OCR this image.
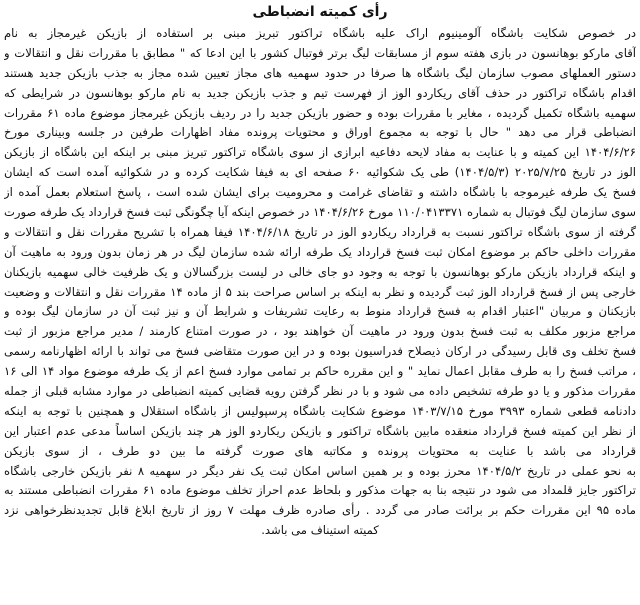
رأی کمیته انضباطی
در خصوص شکایت باشگاه آلومینیوم اراک علیه باشگاه تراکتور تبریز مبنی بر استفاده از بازیکن غیرمجاز به نام
آقای مارکو بوهانسون در بازی هفته سوم از مسابقات لیگ برتر فوتبال کشور با این ادعا که " مطابق با مقررات نقل و انتقالات و
دستور العملهای مصوب سازمان لیگ باشگاه ها صرفا در حدود سهمیه های مجاز تعیین شده مجاز به جذب بازیکن جدید هستند
اقدام باشگاه تراکتور در حذف آقای ریکاردو الوز از فهرست تیم و جذب بازیکن جدید به نام مارکو بوهانسون در شرایطی که
سهمیه باشگاه تکمیل گردیده ، مغایر با مقررات بوده و حضور بازیکن جدید را در ردیف بازیکن غیرمجاز موضوع ماده ۶۱ مقررات
انضباطی قرار می دهد " حال با توجه به مجموع اوراق و محتویات پرونده مفاد اظهارات طرفین در جلسه وبیناری مورخ
۱۴۰۴/۶/۲۶ این کمیته و با عنایت به مفاد لایحه دفاعیه ابرازی از سوی باشگاه تراکتور تبریز مبنی بر اینکه این باشگاه از بازیکن
الوز در تاریخ ۲۰۲۵/۷/۲۵ (۱۴۰۴/۵/۳) طی یک شکوائیه ۶۰ صفحه ای به فیفا شکایت کرده و در شکوائیه آمده است که ایشان
فسخ یک طرفه غیرموجه با باشگاه داشته و تقاضای غرامت و محرومیت برای ایشان شده است ، پاسخ استعلام بعمل آمده از
سوی سازمان لیگ فوتبال به شماره ۱۱۰/۰۴۱۳۳۷۱ مورخ ۱۴۰۴/۶/۲۶ در خصوص اینکه آیا چگونگی ثبت فسخ قرارداد یک طرفه صورت
گرفته از سوی باشگاه تراکتور نسبت به قرارداد ریکاردو الوز در تاریخ ۱۴۰۴/۶/۱۸ فیفا همراه با تشریح مقررات نقل و انتقالات و
مقررات داخلی حاکم بر موضوع امکان ثبت فسخ قرارداد یک طرفه ارائه شده سازمان لیگ در هر زمان بدون ورود به ماهیت آن
و اینکه قرارداد بازیکن مارکو بوهانسون با توجه به وجود دو جای خالی در لیست بزرگسالان و یک ظرفیت خالی سهمیه بازیکنان
خارجی پس از فسخ قرارداد الوز ثبت گردیده و نظر به اینکه بر اساس صراحت بند ۵ از ماده ۱۴ مقررات نقل و انتقالات و وضعیت
بازیکنان و مربیان "اعتبار اقدام به فسخ قرارداد منوط به رعایت تشریفات و شرایط آن و نیز ثبت آن در سازمان لیگ بوده و
مراجع مزبور مکلف به ثبت فسخ بدون ورود در ماهیت آن خواهند بود ، در صورت امتناع کارمند / مدیر مراجع مزبور از ثبت
فسخ تخلف وی قابل رسیدگی در ارکان ذیصلاح فدراسیون بوده و در این صورت متقاضی فسخ می تواند با ارائه اظهارنامه رسمی
، مراتب فسخ را به طرف مقابل اعمال نماید " و این مقرره حاکم بر تمامی موارد فسخ اعم از یک طرفه موضوع مواد ۱۴ الی ۱۶
مقررات مذکور و یا دو طرفه تشخیص داده می شود و با در نظر گرفتن رویه قضایی کمیته انضباطی در موارد مشابه قبلی از جمله
دادنامه قطعی شماره ۳۹۹۳ مورخ ۱۴۰۳/۷/۱۵ موضوع شکایت باشگاه پرسپولیس از باشگاه استقلال و همچنین با توجه به اینکه
از نظر این کمیته فسخ قرارداد منعقده مابین باشگاه تراکتور و بازیکن ریکاردو الوز هر چند بازیکن اساساً مدعی عدم اعتبار این
قرارداد می باشد با عنایت به محتویات پرونده و مکاتبه های صورت گرفته ما بین دو طرف ، از سوی بازیکن
به نحو عملی در تاریخ ۱۴۰۴/۵/۲ محرز بوده و بر همین اساس امکان ثبت یک نفر دیگر در سهمیه ۸ نفر بازیکن خارجی باشگاه
تراکتور جایز قلمداد می شود در نتیجه بنا به جهات مذکور و بلحاظ عدم احراز تخلف موضوع ماده ۶۱ مقررات انضباطی مستند به
ماده ۹۵ این مقررات حکم بر برائت صادر می گردد . رأی صادره ظرف مهلت ۷ روز از تاریخ ابلاغ قابل تجدیدنظرخواهی نزد
کمیته استیناف می باشد.
